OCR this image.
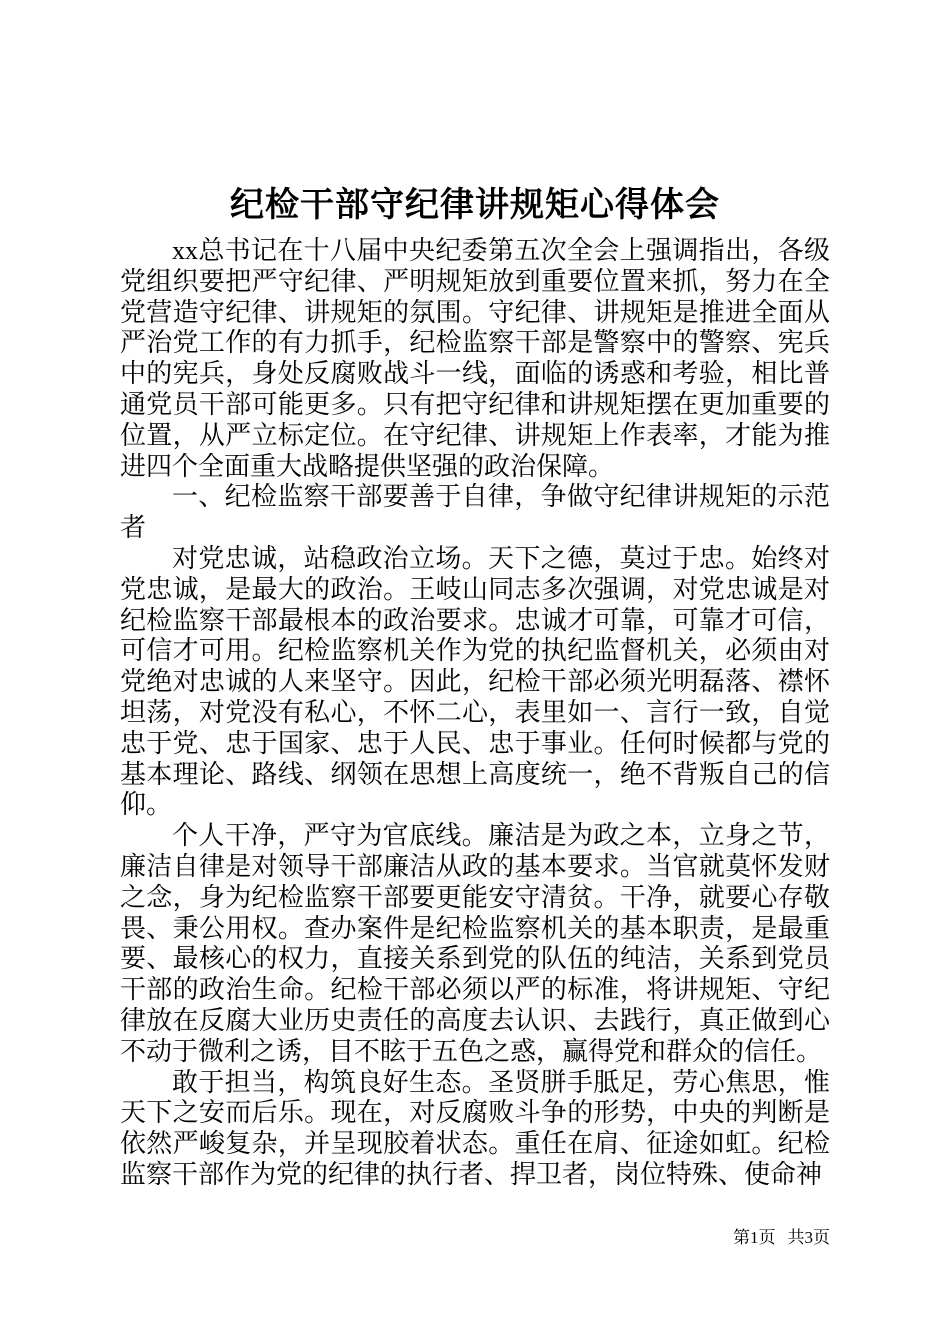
纪检干部守纪律讲规矩心得体会

xx总书记在十八届中央纪委第五次全会上强调指出，各级党组织要把严守纪律、严明规矩放到重要位置来抓，努力在全党营造守纪律、讲规矩的氛围。守纪律、讲规矩是推进全面从严治党工作的有力抓手，纪检监察干部是警察中的警察、宪兵中的宪兵，身处反腐败战斗一线，面临的诱惑和考验，相比普通党员干部可能更多。只有把守纪律和讲规矩摆在更加重要的位置，从严立标定位。在守纪律、讲规矩上作表率，才能为推进四个全面重大战略提供坚强的政治保障。

一、纪检监察干部要善于自律，争做守纪律讲规矩的示范者

对党忠诚，站稳政治立场。天下之德，莫过于忠。始终对党忠诚，是最大的政治。王岐山同志多次强调，对党忠诚是对纪检监察干部最根本的政治要求。忠诚才可靠，可靠才可信，可信才可用。纪检监察机关作为党的执纪监督机关，必须由对党绝对忠诚的人来坚守。因此，纪检干部必须光明磊落、襟怀坦荡，对党没有私心，不怀二心，表里如一、言行一致，自觉忠于党、忠于国家、忠于人民、忠于事业。任何时候都与党的基本理论、路线、纲领在思想上高度统一，绝不背叛自己的信仰。

个人干净，严守为官底线。廉洁是为政之本，立身之节，廉洁自律是对领导干部廉洁从政的基本要求。当官就莫怀发财之念，身为纪检监察干部要更能安守清贫。干净，就要心存敬畏、秉公用权。查办案件是纪检监察机关的基本职责，是最重要、最核心的权力，直接关系到党的队伍的纯洁，关系到党员干部的政治生命。纪检干部必须以严的标准，将讲规矩、守纪律放在反腐大业历史责任的高度去认识、去践行，真正做到心不动于微利之诱，目不眩于五色之惑，赢得党和群众的信任。

敢于担当，构筑良好生态。圣贤胼手胝足，劳心焦思，惟天下之安而后乐。现在，对反腐败斗争的形势，中央的判断是依然严峻复杂，并呈现胶着状态。重任在肩、征途如虹。纪检监察干部作为党的纪律的执行者、捍卫者，岗位特殊、使命神

第1页 共3页
